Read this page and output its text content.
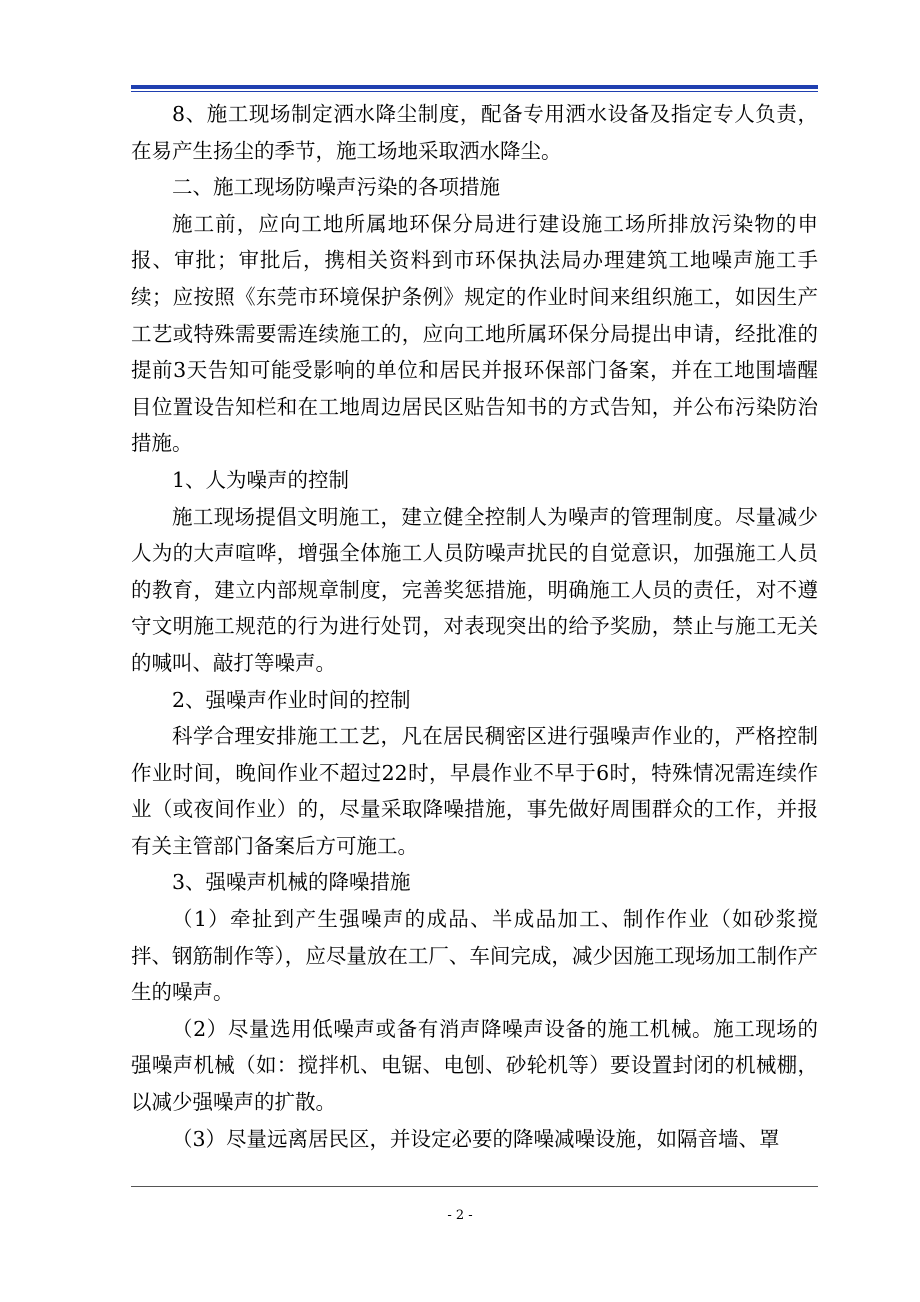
8、施工现场制定洒水降尘制度，配备专用洒水设备及指定专人负责，在易产生扬尘的季节，施工场地采取洒水降尘。

二、施工现场防噪声污染的各项措施

施工前，应向工地所属地环保分局进行建设施工场所排放污染物的申报、审批；审批后，携相关资料到市环保执法局办理建筑工地噪声施工手续；应按照《东莞市环境保护条例》规定的作业时间来组织施工，如因生产工艺或特殊需要需连续施工的，应向工地所属环保分局提出申请，经批准的提前3天告知可能受影响的单位和居民并报环保部门备案，并在工地围墙醒目位置设告知栏和在工地周边居民区贴告知书的方式告知，并公布污染防治措施。

1、人为噪声的控制

施工现场提倡文明施工，建立健全控制人为噪声的管理制度。尽量减少人为的大声喧哗，增强全体施工人员防噪声扰民的自觉意识，加强施工人员的教育，建立内部规章制度，完善奖惩措施，明确施工人员的责任，对不遵守文明施工规范的行为进行处罚，对表现突出的给予奖励，禁止与施工无关的喊叫、敲打等噪声。

2、强噪声作业时间的控制

科学合理安排施工工艺，凡在居民稠密区进行强噪声作业的，严格控制作业时间，晚间作业不超过22时，早晨作业不早于6时，特殊情况需连续作业（或夜间作业）的，尽量采取降噪措施，事先做好周围群众的工作，并报有关主管部门备案后方可施工。

3、强噪声机械的降噪措施

（1）牵扯到产生强噪声的成品、半成品加工、制作作业（如砂浆搅拌、钢筋制作等），应尽量放在工厂、车间完成，减少因施工现场加工制作产生的噪声。

（2）尽量选用低噪声或备有消声降噪声设备的施工机械。施工现场的强噪声机械（如：搅拌机、电锯、电刨、砂轮机等）要设置封闭的机械棚，以减少强噪声的扩散。

（3）尽量远离居民区，并设定必要的降噪减噪设施，如隔音墙、罩

- 2 -
